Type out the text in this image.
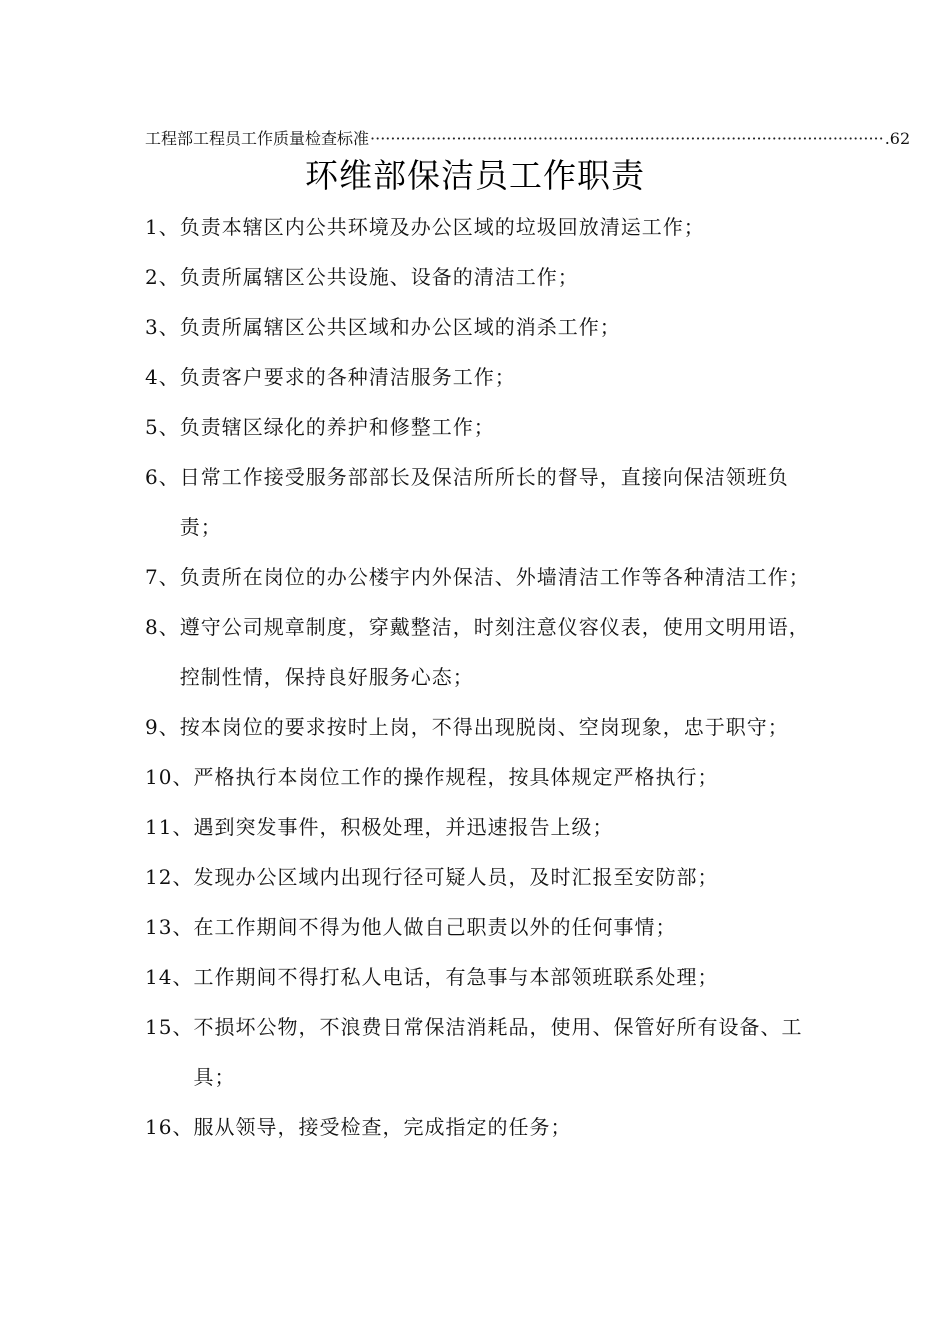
工程部工程员工作质量检查标准 ····································································································· .62
环维部保洁员工作职责
1、 负责本辖区内公共环境及办公区域的垃圾回放清运工作；
2、 负责所属辖区公共设施、设备的清洁工作；
3、 负责所属辖区公共区域和办公区域的消杀工作；
4、 负责客户要求的各种清洁服务工作；
5、 负责辖区绿化的养护和修整工作；
6、 日常工作接受服务部部长及保洁所所长的督导，直接向保洁领班负责；
7、 负责所在岗位的办公楼宇内外保洁、外墙清洁工作等各种清洁工作；
8、 遵守公司规章制度，穿戴整洁，时刻注意仪容仪表，使用文明用语，控制性情，保持良好服务心态；
9、 按本岗位的要求按时上岗，不得出现脱岗、空岗现象，忠于职守；
10、 严格执行本岗位工作的操作规程，按具体规定严格执行；
11、 遇到突发事件，积极处理，并迅速报告上级；
12、 发现办公区域内出现行径可疑人员，及时汇报至安防部；
13、 在工作期间不得为他人做自己职责以外的任何事情；
14、 工作期间不得打私人电话，有急事与本部领班联系处理；
15、 不损坏公物，不浪费日常保洁消耗品，使用、保管好所有设备、工具；
16、 服从领导，接受检查，完成指定的任务；
